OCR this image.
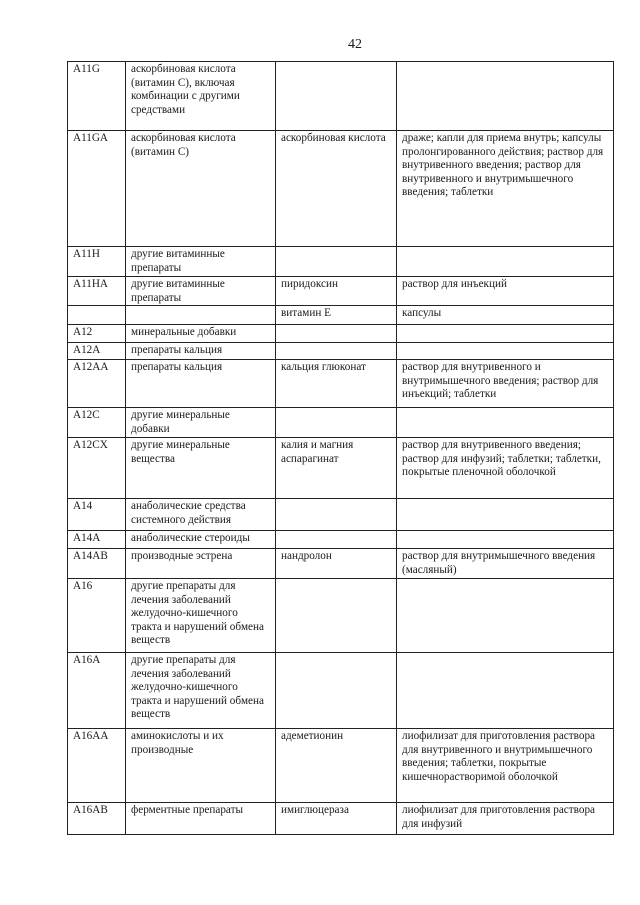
42
A11G	аскорбиновая кислота (витамин С), включая комбинации с другими средствами		
A11GA	аскорбиновая кислота (витамин С)	аскорбиновая кислота	драже; капли для приема внутрь; капсулы пролонгированного действия; раствор для внутривенного введения; раствор для внутривенного и внутримышечного введения; таблетки
A11H	другие витаминные препараты		
A11HA	другие витаминные препараты	пиридоксин	раствор для инъекций
		витамин Е	капсулы
A12	минеральные добавки		
A12A	препараты кальция		
A12AA	препараты кальция	кальция глюконат	раствор для внутривенного и внутримышечного введения; раствор для инъекций; таблетки
A12C	другие минеральные добавки		
A12CX	другие минеральные вещества	калия и магния аспарагинат	раствор для внутривенного введения; раствор для инфузий; таблетки; таблетки, покрытые пленочной оболочкой
A14	анаболические средства системного действия		
A14A	анаболические стероиды		
A14AB	производные эстрена	нандролон	раствор для внутримышечного введения (масляный)
A16	другие препараты для лечения заболеваний желудочно-кишечного тракта и нарушений обмена веществ		
A16A	другие препараты для лечения заболеваний желудочно-кишечного тракта и нарушений обмена веществ		
A16AA	аминокислоты и их производные	адеметионин	лиофилизат для приготовления раствора для внутривенного и внутримышечного введения; таблетки, покрытые кишечнорастворимой оболочкой
A16AB	ферментные препараты	имиглюцераза	лиофилизат для приготовления раствора для инфузий
